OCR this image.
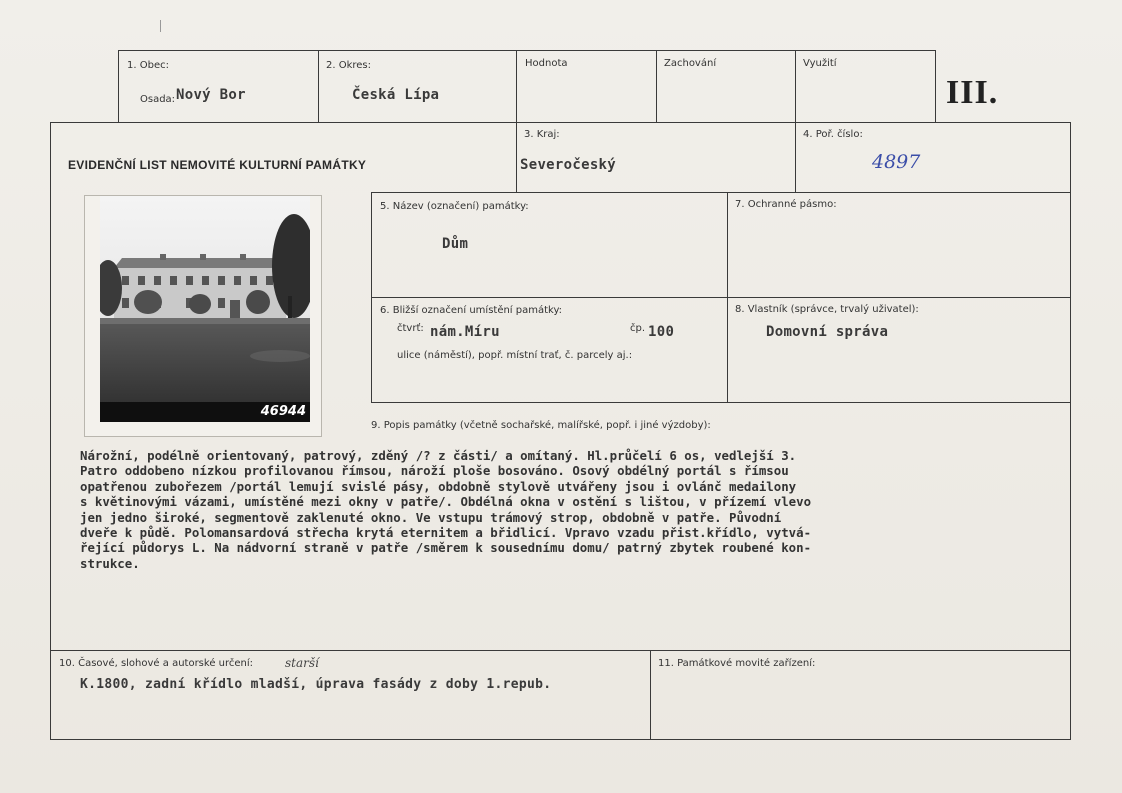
1. Obec:
Osada: Nový Bor
2. Okres:
Česká Lípa
Hodnota	Zachování	Využití
III.
EVIDENČNÍ LIST NEMOVITÉ KULTURNÍ PAMÁTKY
3. Kraj:
Severočeský
4. Poř. číslo:
4897
5. Název (označení) památky:
Dům
7. Ochranné pásmo:
6. Bližší označení umístění památky:
čtvrť: nám.Míru	čp. 100
ulice (náměstí), popř. místní trať, č. parcely aj.:
8. Vlastník (správce, trvalý uživatel):
Domovní správa
46944
9. Popis památky (včetně sochařské, malířské, popř. i jiné výzdoby):
Nárožní, podélně orientovaný, patrový, zděný /? z části/ a omítaný. Hl.průčelí 6 os, vedlejší 3.
Patro oddobeno nízkou profilovanou římsou, nároží ploše bosováno. Osový obdélný portál s římsou
opatřenou zubořezem /portál lemují svislé pásy, obdobně stylově utvářeny jsou i ovlánč medailony
s květinovými vázami, umístěné mezi okny v patře/. Obdélná okna v ostění s lištou, v přízemí vlevo
jen jedno široké, segmentově zaklenuté okno. Ve vstupu trámový strop, obdobně v patře. Původní
dveře k půdě. Polomansardová střecha krytá eternitem a břidlicí. Vpravo vzadu přist.křídlo, vytvá-
řející půdorys L. Na nádvorní straně v patře /směrem k sousednímu domu/ patrný zbytek roubené kon-
strukce.
10. Časové, slohové a autorské určení:	starší
K.1800, zadní křídlo mladší, úprava fasády z doby 1.repub.
11. Památkové movité zařízení:
